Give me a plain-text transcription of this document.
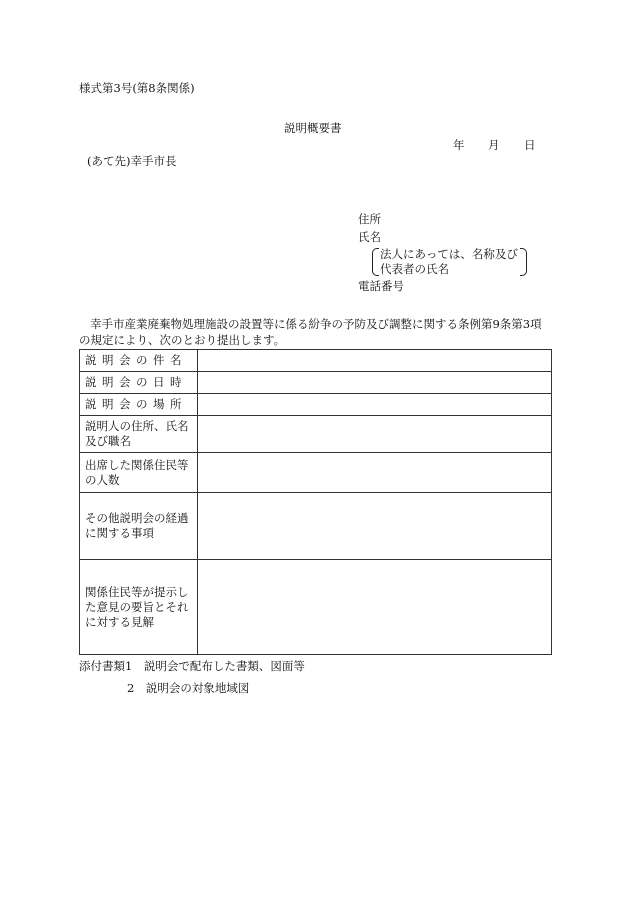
様式第3号(第8条関係)
説明概要書
年 月 日
(あて先)幸手市長
住所
氏名
法人にあっては、名称及び
代表者の氏名
電話番号
幸手市産業廃棄物処理施設の設置等に係る紛争の予防及び調整に関する条例第9条第3項
の規定により、次のとおり提出します。
説明会の件名	
説明会の日時	
説明会の場所	
説明人の住所、氏名及び職名	
出席した関係住民等の人数	
その他説明会の経過に関する事項	
関係住民等が提示した意見の要旨とそれに対する見解	
添付書類1　説明会で配布した書類、図面等
2　説明会の対象地域図
